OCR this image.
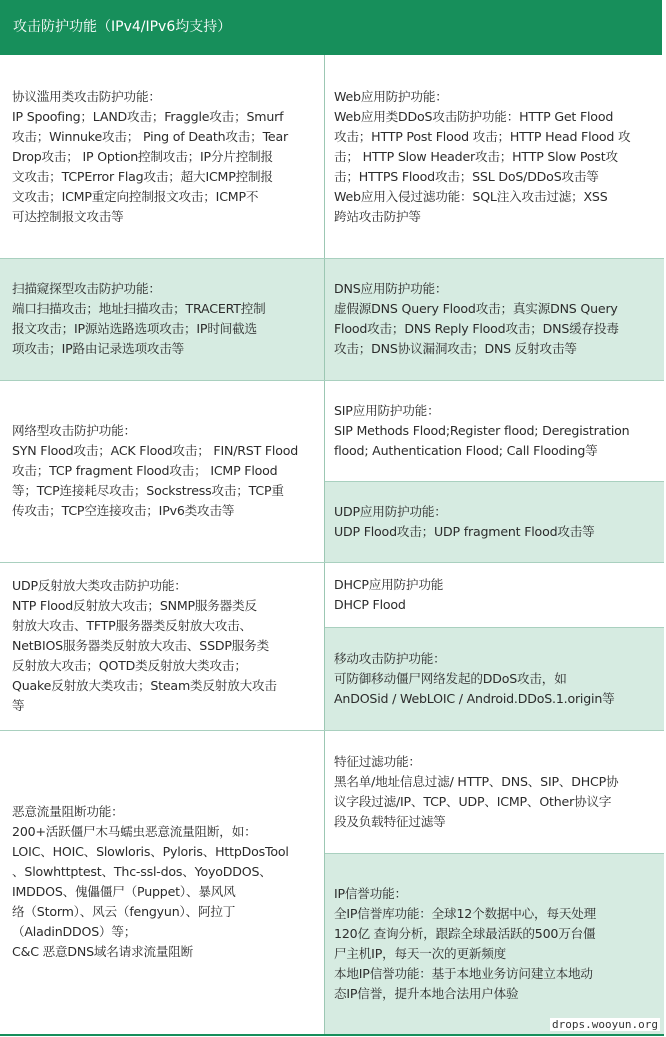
攻击防护功能（IPv4/IPv6均支持）
协议滥用类攻击防护功能：
IP Spoofing；LAND攻击；Fraggle攻击；Smurf
攻击；Winnuke攻击； Ping of Death攻击；Tear
Drop攻击； IP Option控制攻击；IP分片控制报
文攻击；TCPError Flag攻击；超大ICMP控制报
文攻击；ICMP重定向控制报文攻击；ICMP不
可达控制报文攻击等
扫描窥探型攻击防护功能：
端口扫描攻击；地址扫描攻击；TRACERT控制
报文攻击；IP源站选路选项攻击；IP时间截选
项攻击；IP路由记录选项攻击等
网络型攻击防护功能：
SYN Flood攻击；ACK Flood攻击； FIN/RST Flood
攻击；TCP fragment Flood攻击； ICMP Flood
等；TCP连接耗尽攻击；Sockstress攻击；TCP重
传攻击；TCP空连接攻击；IPv6类攻击等
UDP反射放大类攻击防护功能：
NTP Flood反射放大攻击；SNMP服务器类反
射放大攻击、TFTP服务器类反射放大攻击、
NetBIOS服务器类反射放大攻击、SSDP服务类
反射放大攻击；QOTD类反射放大类攻击；
Quake反射放大类攻击；Steam类反射放大攻击
等
恶意流量阻断功能：
200+活跃僵尸木马蠕虫恶意流量阻断，如：
LOIC、HOIC、Slowloris、Pyloris、HttpDosTool
、Slowhttptest、Thc-ssl-dos、YoyoDDOS、
IMDDOS、傀儡僵尸（Puppet）、暴风风
络（Storm）、风云（fengyun）、阿拉丁
（AladinDDOS）等；
C&C 恶意DNS域名请求流量阻断
Web应用防护功能：
Web应用类DDoS攻击防护功能：HTTP Get Flood
攻击；HTTP Post Flood 攻击；HTTP Head Flood 攻
击； HTTP Slow Header攻击；HTTP Slow Post攻
击；HTTPS Flood攻击；SSL DoS/DDoS攻击等
Web应用入侵过滤功能：SQL注入攻击过滤；XSS
跨站攻击防护等
DNS应用防护功能：
虚假源DNS Query Flood攻击；真实源DNS Query
Flood攻击；DNS Reply Flood攻击；DNS缓存投毒
攻击；DNS协议漏洞攻击；DNS 反射攻击等
SIP应用防护功能：
SIP Methods Flood;Register flood; Deregistration
flood; Authentication Flood; Call Flooding等
UDP应用防护功能：
UDP Flood攻击；UDP fragment Flood攻击等
DHCP应用防护功能
DHCP Flood
移动攻击防护功能：
可防御移动僵尸网络发起的DDoS攻击，如
AnDOSid / WebLOIC / Android.DDoS.1.origin等
特征过滤功能：
黑名单/地址信息过滤/ HTTP、DNS、SIP、DHCP协
议字段过滤/IP、TCP、UDP、ICMP、Other协议字
段及负载特征过滤等
IP信誉功能：
全IP信誉库功能：全球12个数据中心，每天处理
120亿 查询分析，跟踪全球最活跃的500万台僵
尸主机IP，每天一次的更新频度
本地IP信誉功能：基于本地业务访问建立本地动
态IP信誉，提升本地合法用户体验
drops.wooyun.org
